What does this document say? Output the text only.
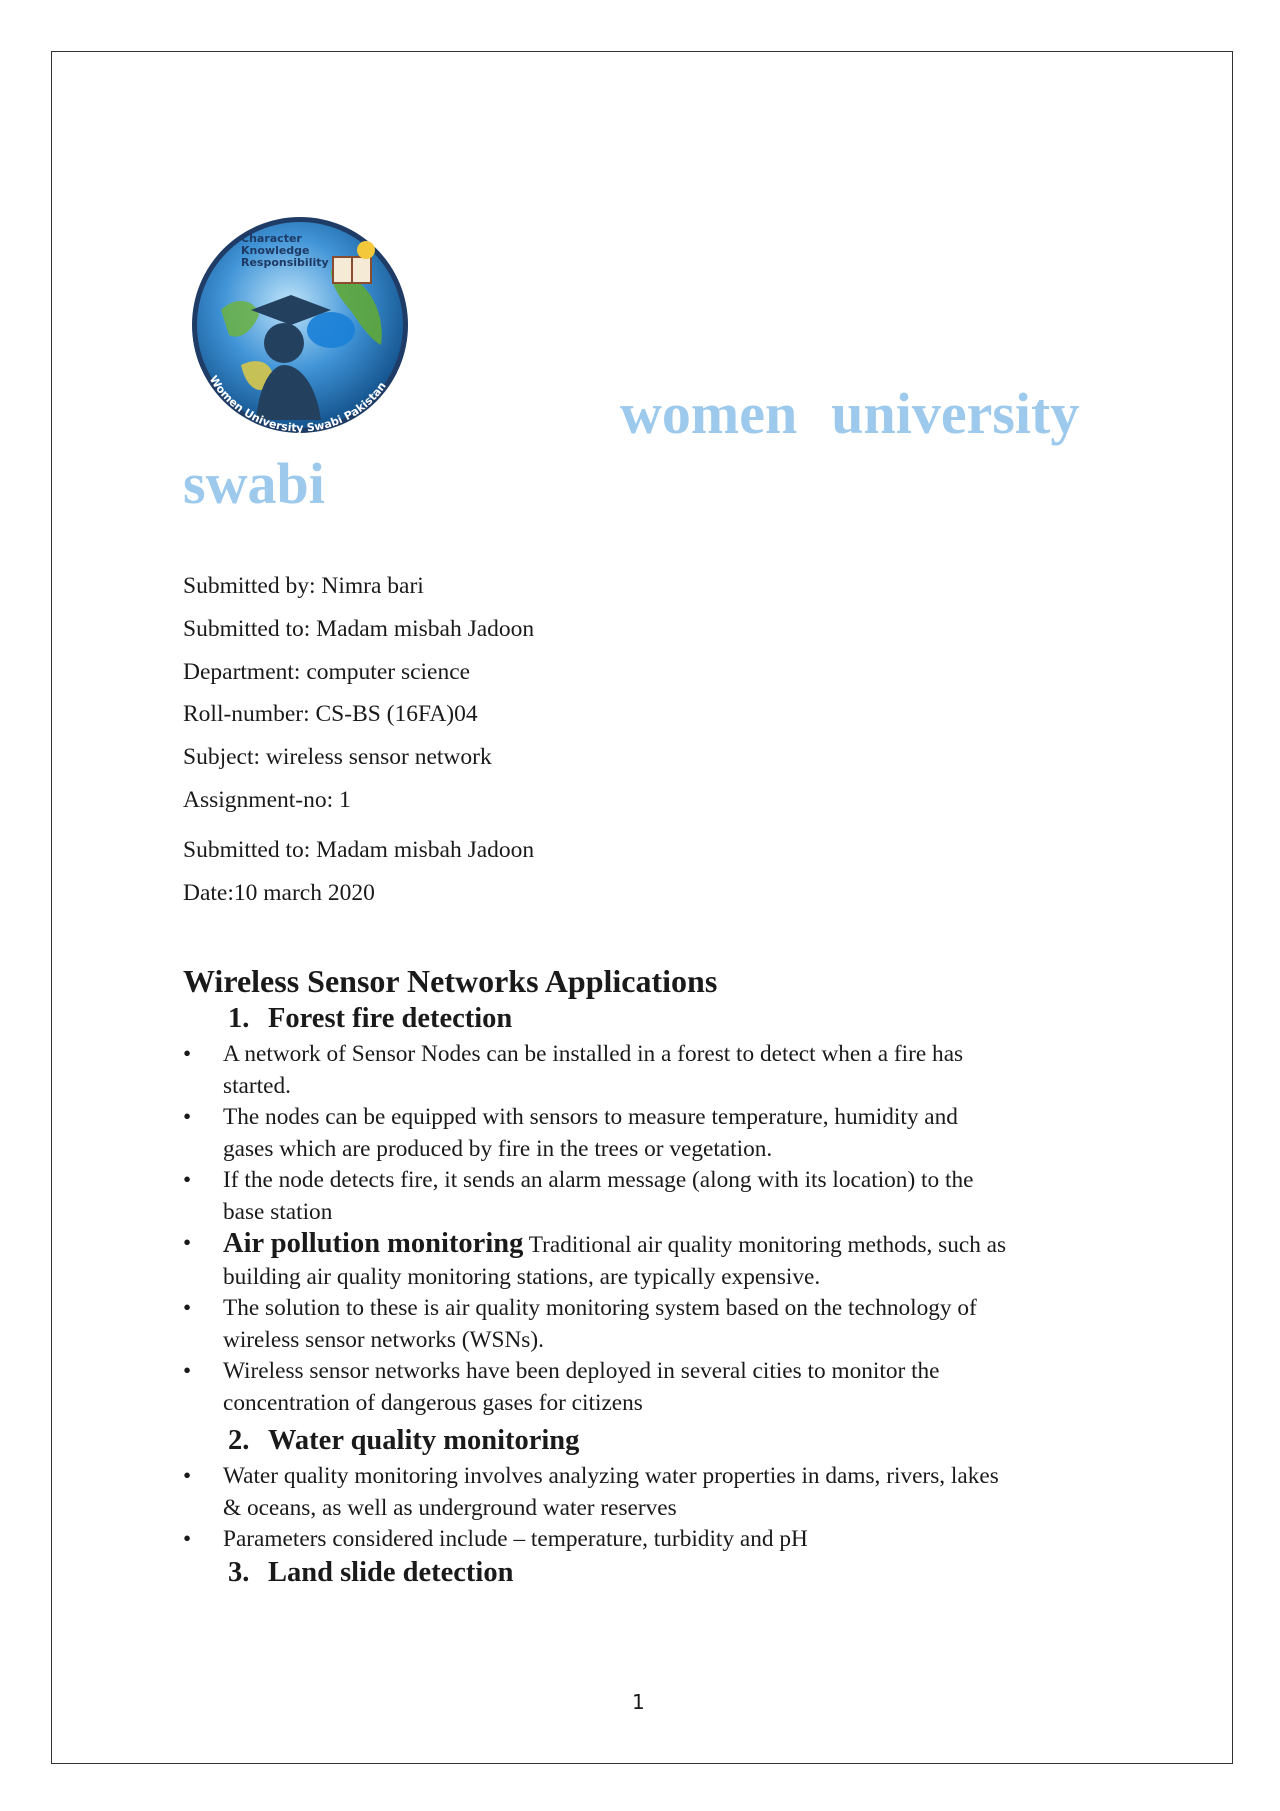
Character
Knowledge
Responsibility
Women University Swabi Pakistan	women university
swabi
Submitted by: Nimra bari
Submitted to: Madam misbah Jadoon
Department: computer science
Roll-number: CS-BS (16FA)04
Subject: wireless sensor network
Assignment-no: 1
Submitted to: Madam misbah Jadoon
Date:10 march 2020
Wireless Sensor Networks Applications
1. Forest fire detection

• A network of Sensor Nodes can be installed in a forest to detect when a fire has
started.

• The nodes can be equipped with sensors to measure temperature, humidity and
gases which are produced by fire in the trees or vegetation.

• If the node detects fire, it sends an alarm message (along with its location) to the
base station

• Air pollution monitoring Traditional air quality monitoring methods, such as
building air quality monitoring stations, are typically expensive.

• The solution to these is air quality monitoring system based on the technology of
wireless sensor networks (WSNs).

• Wireless sensor networks have been deployed in several cities to monitor the
concentration of dangerous gases for citizens

2. Water quality monitoring

• Water quality monitoring involves analyzing water properties in dams, rivers, lakes
& oceans, as well as underground water reserves

• Parameters considered include – temperature, turbidity and pH

3. Land slide detection
1
